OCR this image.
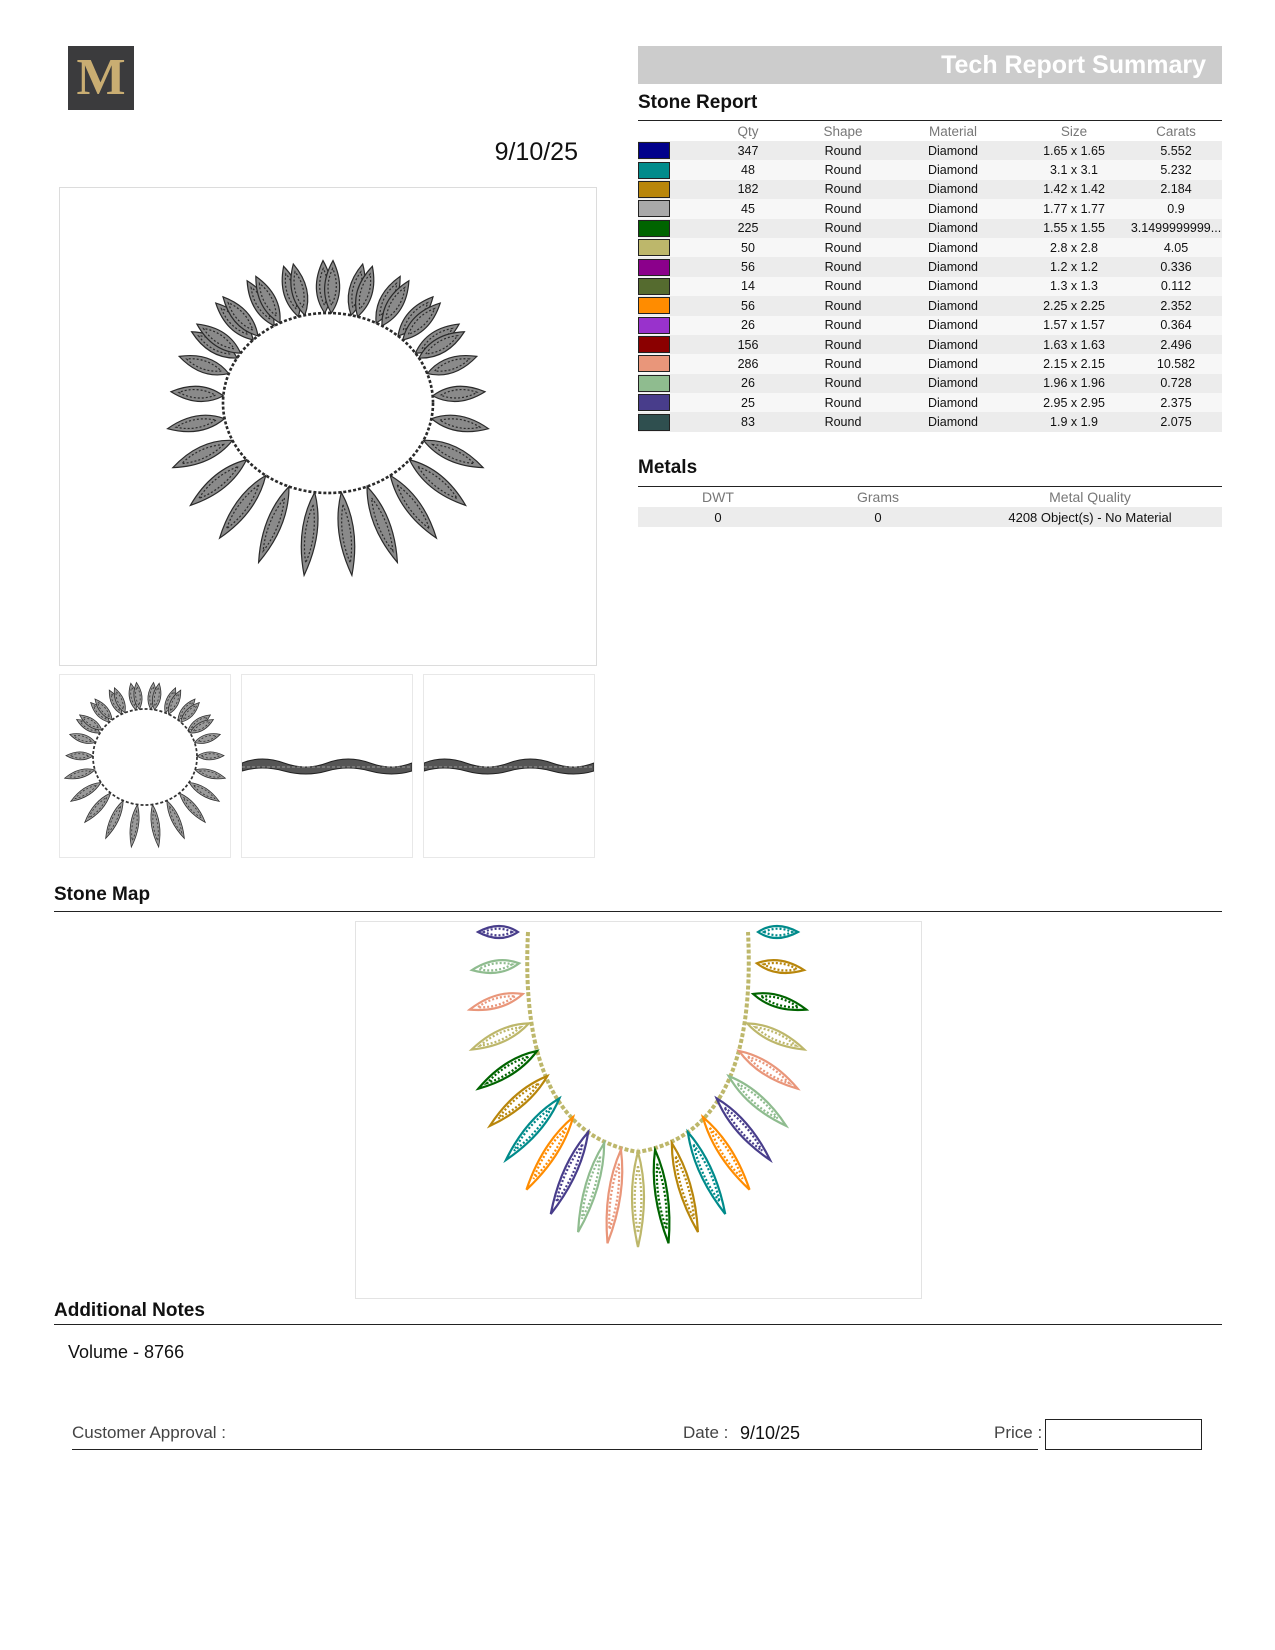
M
9/10/25
Tech Report Summary
Stone Report
	Qty	Shape	Material	Size	Carats

	347	Round	Diamond	1.65 x 1.65	5.552

	48	Round	Diamond	3.1 x 3.1	5.232

	182	Round	Diamond	1.42 x 1.42	2.184

	45	Round	Diamond	1.77 x 1.77	0.9

	225	Round	Diamond	1.55 x 1.55	3.1499999999...

	50	Round	Diamond	2.8 x 2.8	4.05

	56	Round	Diamond	1.2 x 1.2	0.336

	14	Round	Diamond	1.3 x 1.3	0.112

	56	Round	Diamond	2.25 x 2.25	2.352

	26	Round	Diamond	1.57 x 1.57	0.364

	156	Round	Diamond	1.63 x 1.63	2.496

	286	Round	Diamond	2.15 x 2.15	10.582

	26	Round	Diamond	1.96 x 1.96	0.728

	25	Round	Diamond	2.95 x 2.95	2.375

	83	Round	Diamond	1.9 x 1.9	2.075
Metals
DWT	Grams	Metal Quality
0	0	4208 Object(s) - No Material
Stone Map
Additional Notes
Volume - 8766
Customer Approval :	Date : 9/10/25	Price :
